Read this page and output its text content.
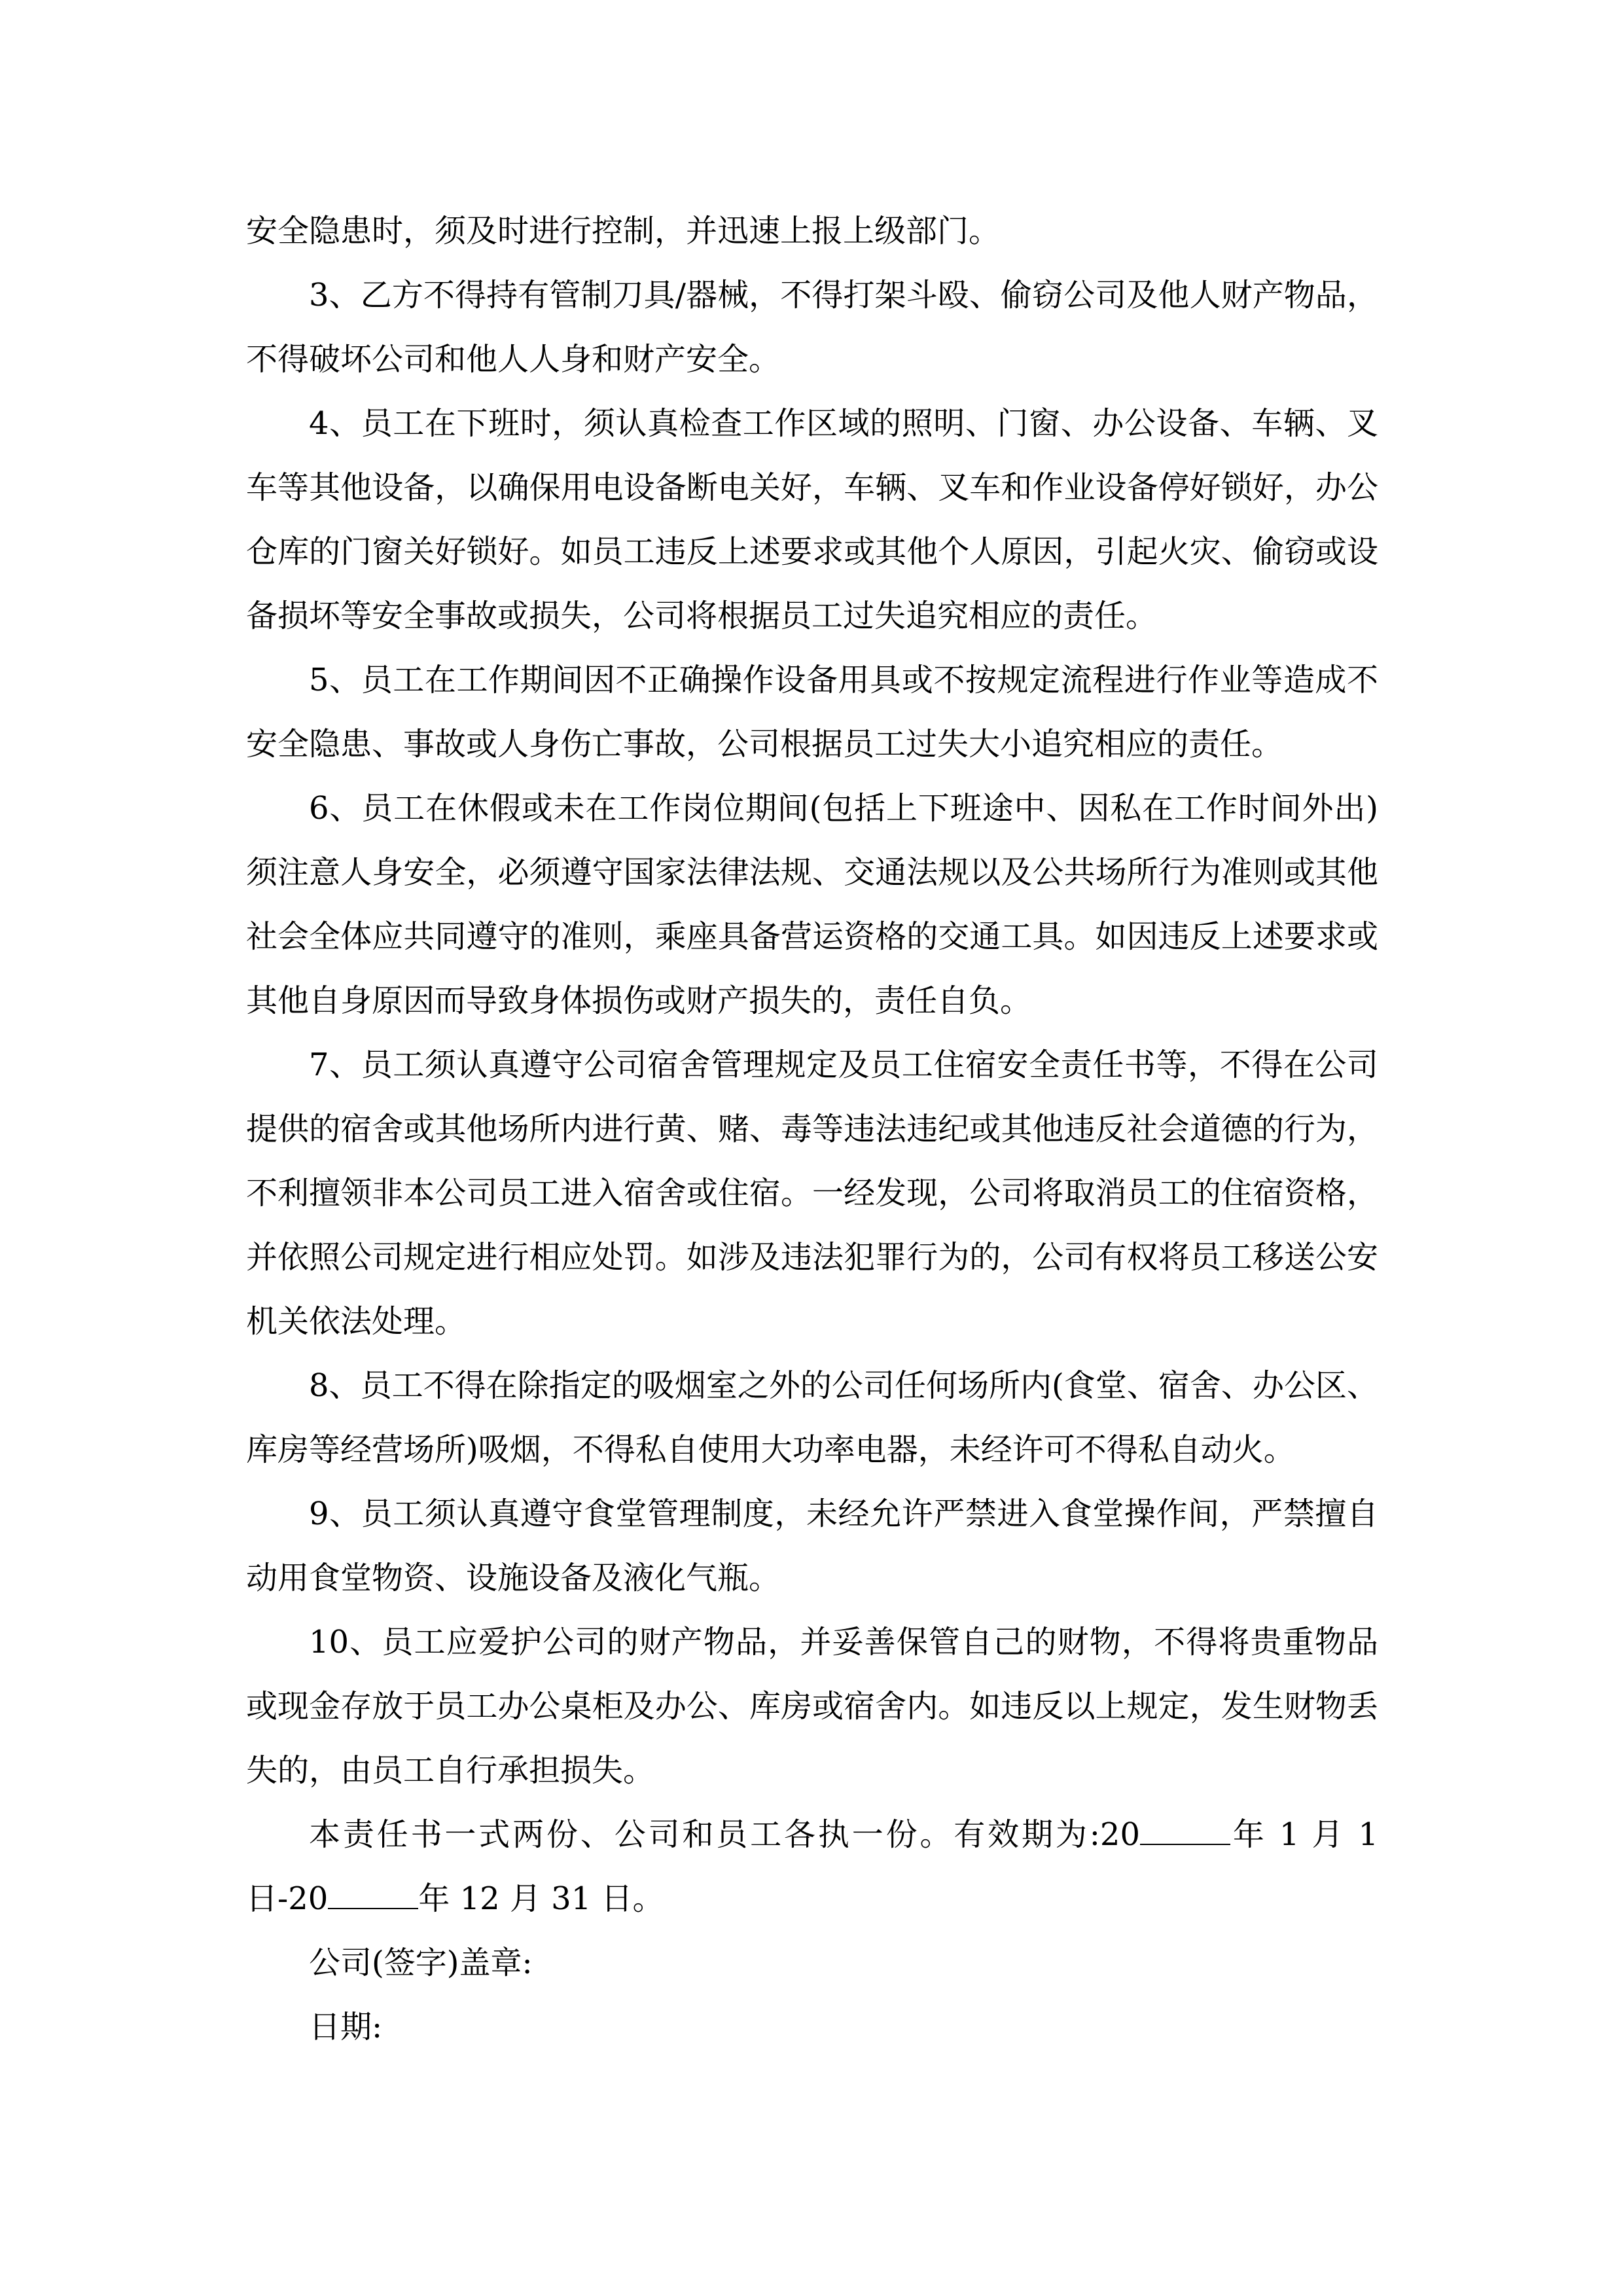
安全隐患时，须及时进行控制，并迅速上报上级部门。

3、乙方不得持有管制刀具/器械，不得打架斗殴、偷窃公司及他人财产物品，不得破坏公司和他人人身和财产安全。

4、员工在下班时，须认真检查工作区域的照明、门窗、办公设备、车辆、叉车等其他设备，以确保用电设备断电关好，车辆、叉车和作业设备停好锁好，办公仓库的门窗关好锁好。如员工违反上述要求或其他个人原因，引起火灾、偷窃或设备损坏等安全事故或损失，公司将根据员工过失追究相应的责任。

5、员工在工作期间因不正确操作设备用具或不按规定流程进行作业等造成不安全隐患、事故或人身伤亡事故，公司根据员工过失大小追究相应的责任。

6、员工在休假或未在工作岗位期间(包括上下班途中、因私在工作时间外出)须注意人身安全，必须遵守国家法律法规、交通法规以及公共场所行为准则或其他社会全体应共同遵守的准则，乘座具备营运资格的交通工具。如因违反上述要求或其他自身原因而导致身体损伤或财产损失的，责任自负。

7、员工须认真遵守公司宿舍管理规定及员工住宿安全责任书等，不得在公司提供的宿舍或其他场所内进行黄、赌、毒等违法违纪或其他违反社会道德的行为，不利擅领非本公司员工进入宿舍或住宿。一经发现，公司将取消员工的住宿资格，并依照公司规定进行相应处罚。如涉及违法犯罪行为的，公司有权将员工移送公安机关依法处理。

8、员工不得在除指定的吸烟室之外的公司任何场所内(食堂、宿舍、办公区、库房等经营场所)吸烟，不得私自使用大功率电器，未经许可不得私自动火。

9、员工须认真遵守食堂管理制度，未经允许严禁进入食堂操作间，严禁擅自动用食堂物资、设施设备及液化气瓶。

10、员工应爱护公司的财产物品，并妥善保管自己的财物，不得将贵重物品或现金存放于员工办公桌柜及办公、库房或宿舍内。如违反以上规定，发生财物丢失的，由员工自行承担损失。

本责任书一式两份、公司和员工各执一份。有效期为:20	年 1 月 1 日-20	年 12 月 31 日。

公司(签字)盖章:

日期:
